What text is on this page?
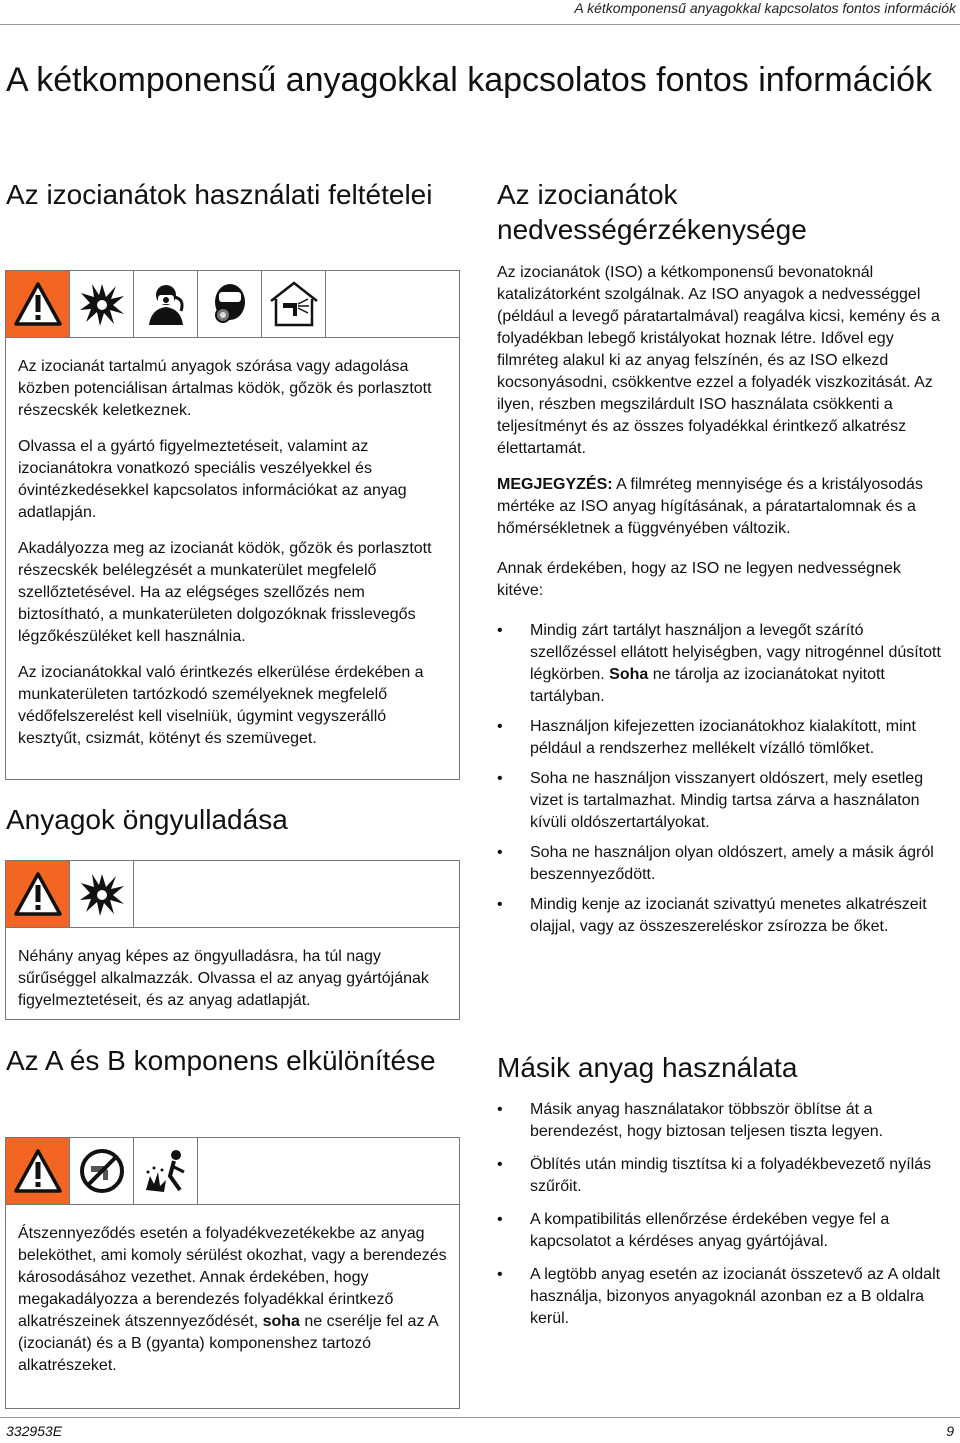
A kétkomponensű anyagokkal kapcsolatos fontos információk
A kétkomponensű anyagokkal kapcsolatos fontos információk
Az izocianátok használati feltételei

Az izocianát tartalmú anyagok szórása vagy adagolása közben potenciálisan ártalmas ködök, gőzök és porlasztott részecskék keletkeznek.

Olvassa el a gyártó figyelmeztetéseit, valamint az izocianátokra vonatkozó speciális veszélyekkel és óvintézkedésekkel kapcsolatos információkat az anyag adatlapján.

Akadályozza meg az izocianát ködök, gőzök és porlasztott részecskék belélegzését a munkaterület megfelelő szellőztetésével. Ha az elégséges szellőzés nem biztosítható, a munkaterületen dolgozóknak frisslevegős légzőkészüléket kell használnia.

Az izocianátokkal való érintkezés elkerülése érdekében a munkaterületen tartózkodó személyeknek megfelelő védőfelszerelést kell viselniük, úgymint vegyszerálló kesztyűt, csizmát, kötényt és szemüveget.

Anyagok öngyulladása

Néhány anyag képes az öngyulladásra, ha túl nagy sűrűséggel alkalmazzák. Olvassa el az anyag gyártójának figyelmeztetéseit, és az anyag adatlapját.

Az A és B komponens elkülönítése

Átszennyeződés esetén a folyadékvezetékekbe az anyag beleköthet, ami komoly sérülést okozhat, vagy a berendezés károsodásához vezethet. Annak érdekében, hogy megakadályozza a berendezés folyadékkal érintkező alkatrészeinek átszennyeződését, soha ne cserélje fel az A (izocianát) és a B (gyanta) komponenshez tartozó alkatrészeket.

Az izocianátok nedvességérzékenysége

Az izocianátok (ISO) a kétkomponensű bevonatoknál katalizátorként szolgálnak. Az ISO anyagok a nedvességgel (például a levegő páratartalmával) reagálva kicsi, kemény és a folyadékban lebegő kristályokat hoznak létre. Idővel egy filmréteg alakul ki az anyag felszínén, és az ISO elkezd kocsonyásodni, csökkentve ezzel a folyadék viszkozitását. Az ilyen, részben megszilárdult ISO használata csökkenti a teljesítményt és az összes folyadékkal érintkező alkatrész élettartamát.

MEGJEGYZÉS: A filmréteg mennyisége és a kristályosodás mértéke az ISO anyag hígításának, a páratartalomnak és a hőmérsékletnek a függvényében változik.

Annak érdekében, hogy az ISO ne legyen nedvességnek kitéve:

• Mindig zárt tartályt használjon a levegőt szárító szellőzéssel ellátott helyiségben, vagy nitrogénnel dúsított légkörben. Soha ne tárolja az izocianátokat nyitott tartályban.
• Használjon kifejezetten izocianátokhoz kialakított, mint például a rendszerhez mellékelt vízálló tömlőket.
• Soha ne használjon visszanyert oldószert, mely esetleg vizet is tartalmazhat. Mindig tartsa zárva a használaton kívüli oldószertartályokat.
• Soha ne használjon olyan oldószert, amely a másik ágról beszennyeződött.
• Mindig kenje az izocianát szivattyú menetes alkatrészeit olajjal, vagy az összeszereléskor zsírozza be őket.
Másik anyag használata
• Másik anyag használatakor többször öblítse át a berendezést, hogy biztosan teljesen tiszta legyen.
• Öblítés után mindig tisztítsa ki a folyadékbevezető nyílás szűrőit.
• A kompatibilitás ellenőrzése érdekében vegye fel a kapcsolatot a kérdéses anyag gyártójával.
• A legtöbb anyag esetén az izocianát összetevő az A oldalt használja, bizonyos anyagoknál azonban ez a B oldalra kerül.
332953E	9
